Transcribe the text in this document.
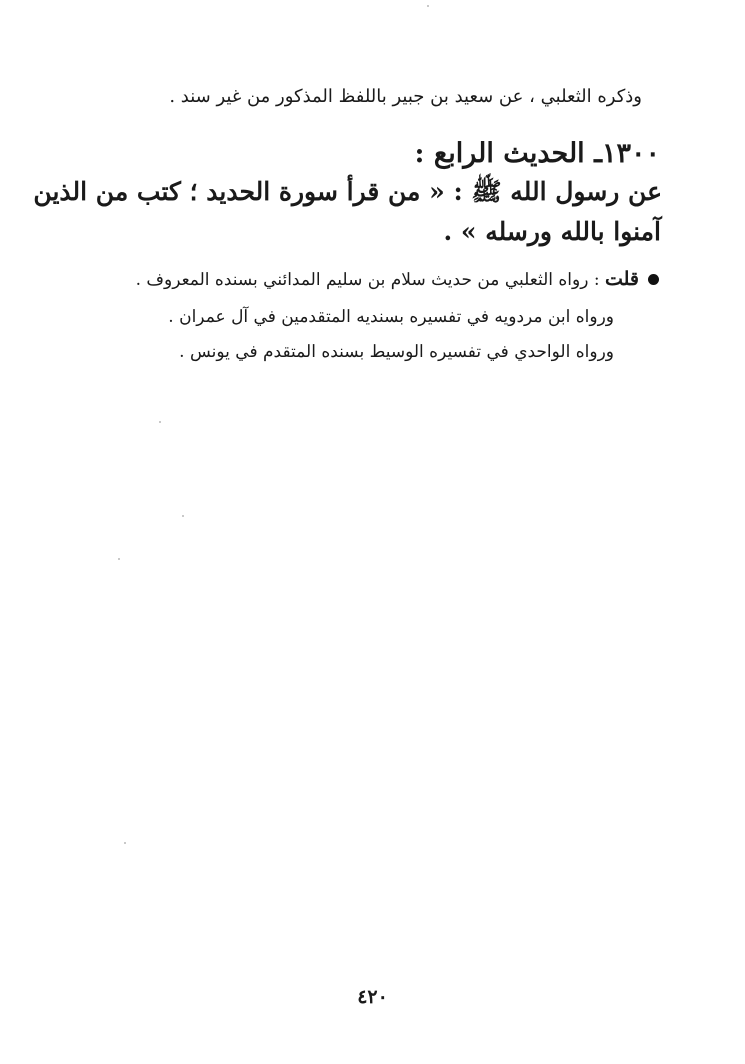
وذكره الثعلبي ، عن سعيد بن جبير باللفظ المذكور من غير سند .
١٣٠٠ـ الحديث الرابع :
عن رسول الله ﷺ : « من قرأ سورة الحديد ؛ كتب من الذين
آمنوا بالله ورسله » .
قلت : رواه الثعلبي من حديث سلام بن سليم المدائني بسنده المعروف .
ورواه ابن مردويه في تفسيره بسنديه المتقدمين في آل عمران .
ورواه الواحدي في تفسيره الوسيط بسنده المتقدم في يونس .
٤٢٠
